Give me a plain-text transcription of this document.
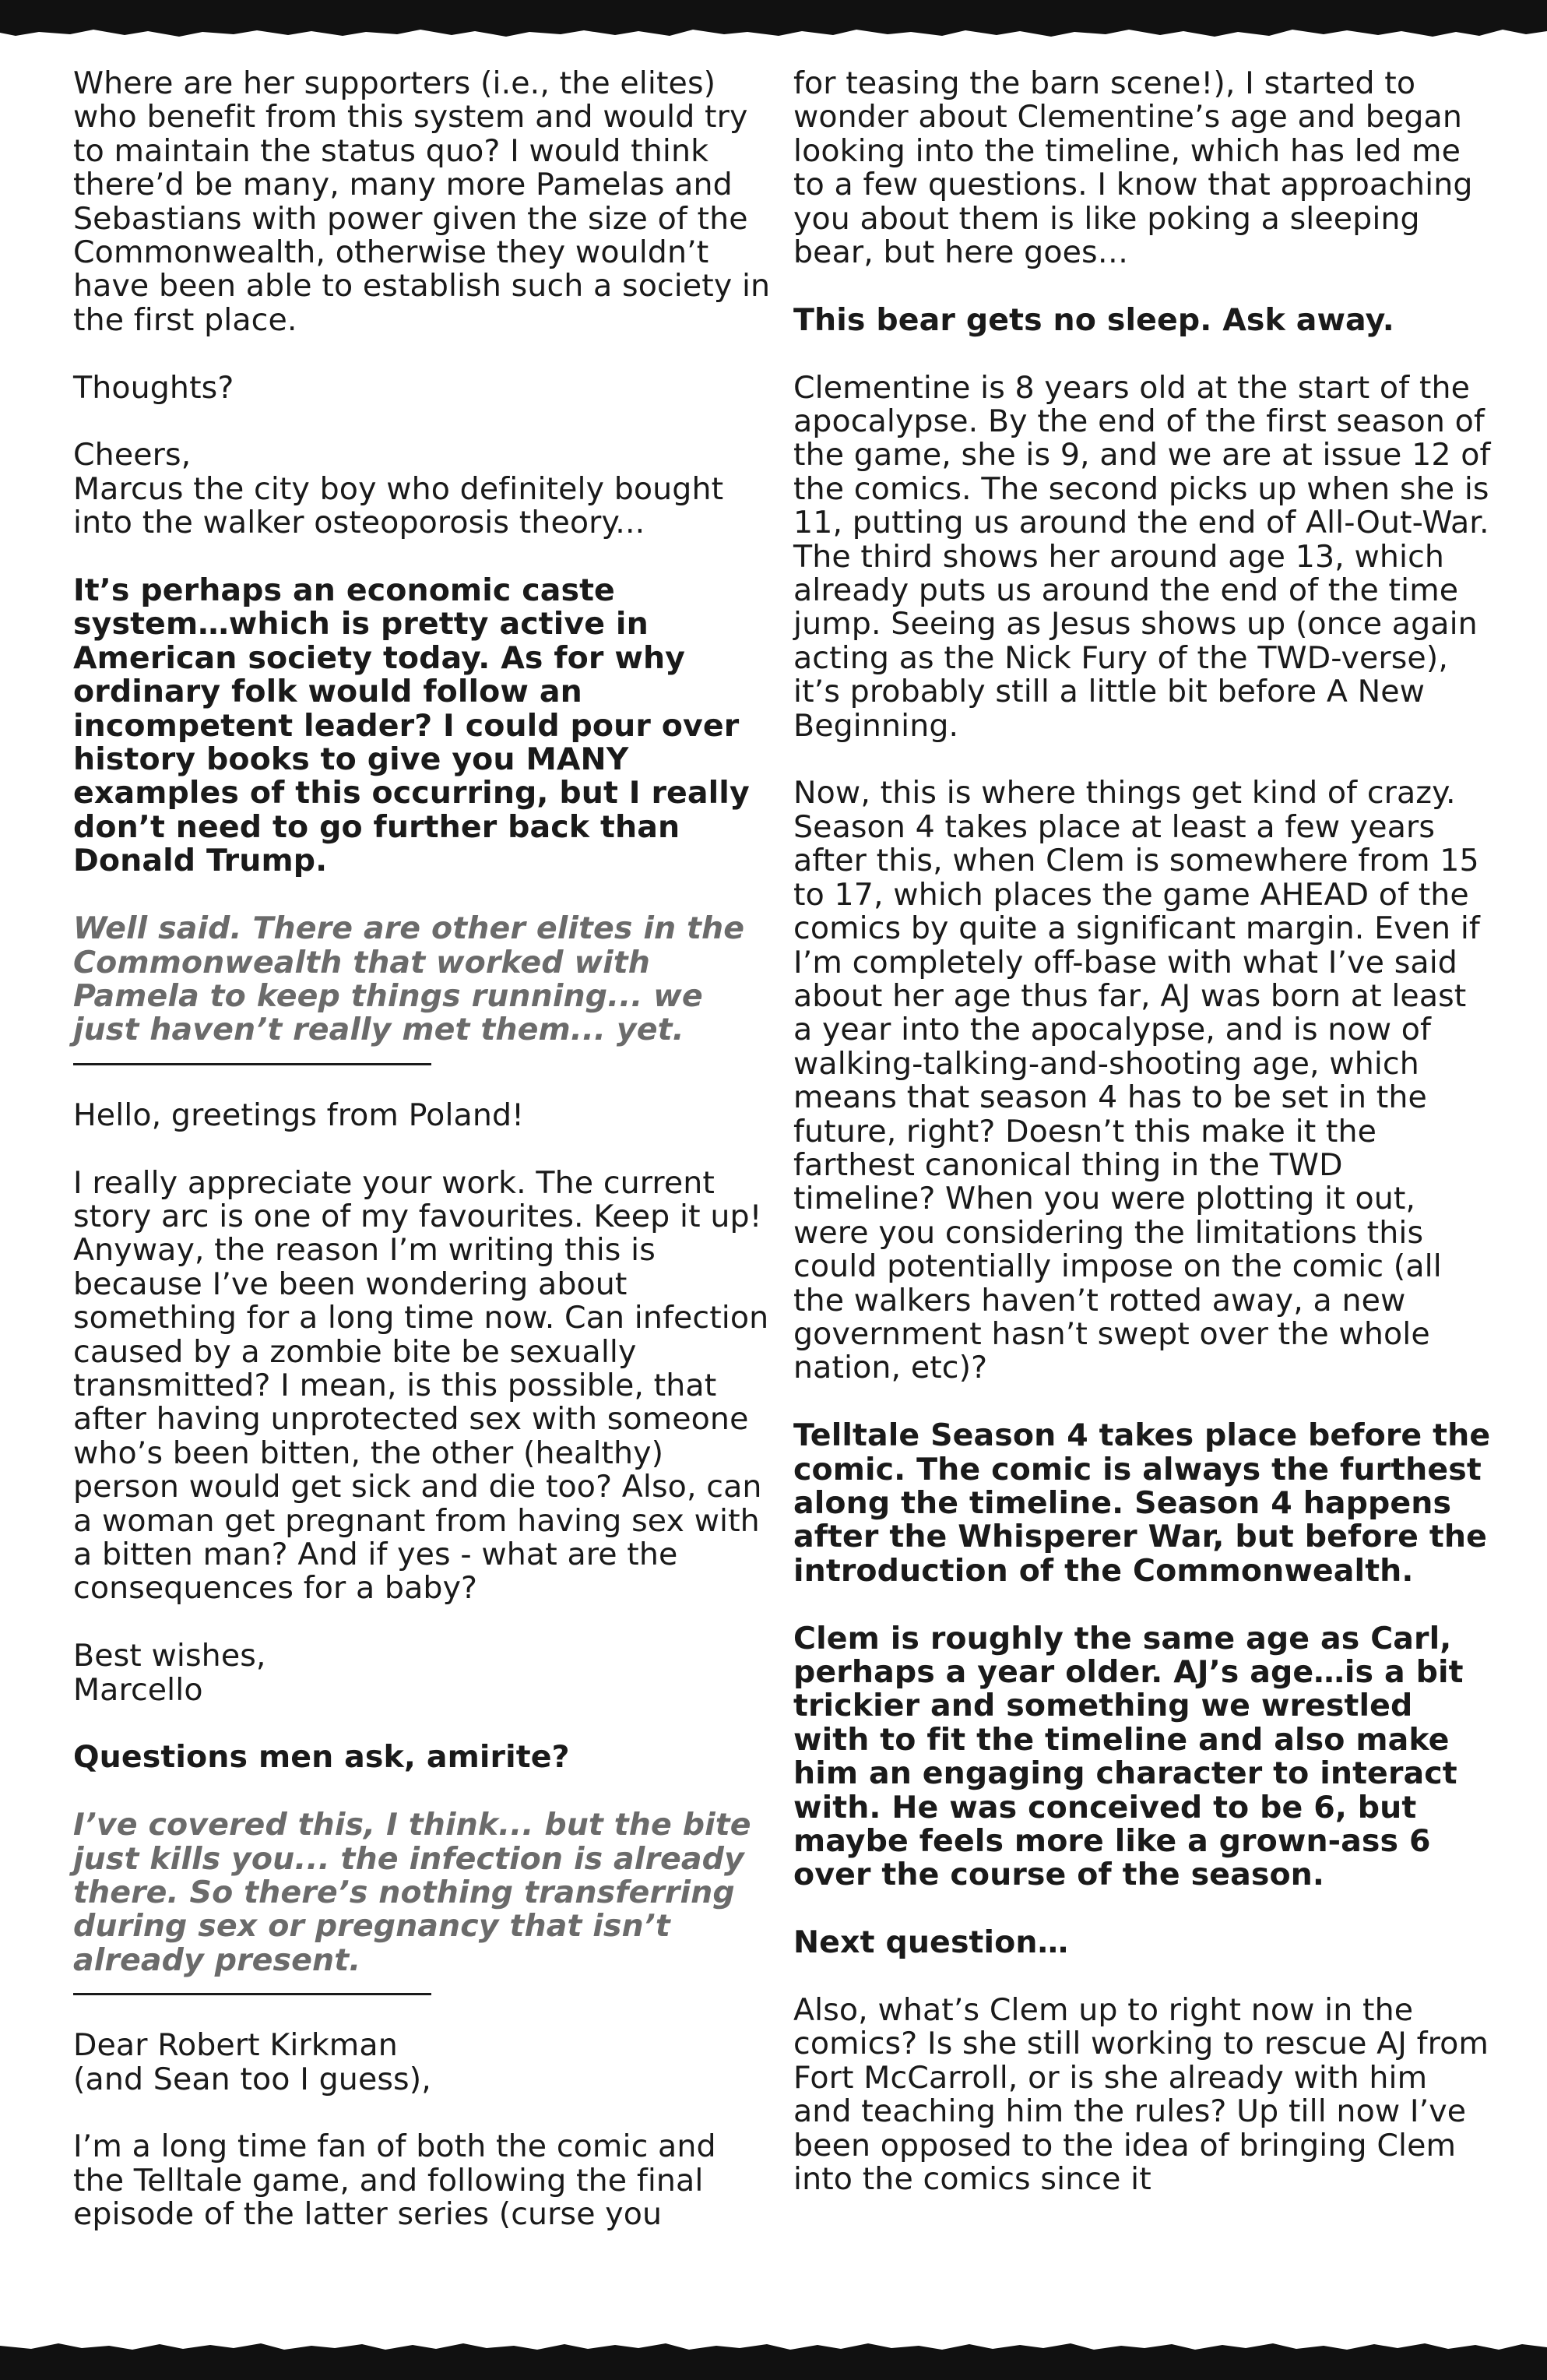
Where are her supporters (i.e., the elites) who benefit from this system and would try to maintain the status quo? I would think there’d be many, many more Pamelas and Sebastians with power given the size of the Commonwealth, otherwise they wouldn’t have been able to establish such a society in the first place.

Thoughts?

Cheers,

Marcus the city boy who definitely bought into the walker osteoporosis theory...

It’s perhaps an economic caste system…which is pretty active in American society today. As for why ordinary folk would follow an incompetent leader? I could pour over history books to give you MANY examples of this occurring, but I really don’t need to go further back than Donald Trump.

Well said. There are other elites in the Commonwealth that worked with Pamela to keep things running... we just haven’t really met them... yet.

Hello, greetings from Poland!

I really appreciate your work. The current story arc is one of my favourites. Keep it up! Anyway, the reason I’m writing this is because I’ve been wondering about something for a long time now. Can infection caused by a zombie bite be sexually transmitted? I mean, is this possible, that after having unprotected sex with someone who’s been bitten, the other (healthy) person would get sick and die too? Also, can a woman get pregnant from having sex with a bitten man? And if yes - what are the consequences for a baby?

Best wishes,

Marcello

Questions men ask, amirite?

I’ve covered this, I think... but the bite just kills you... the infection is already there. So there’s nothing transferring during sex or pregnancy that isn’t already present.

Dear Robert Kirkman

(and Sean too I guess),

I’m a long time fan of both the comic and the Telltale game, and following the final episode of the latter series (curse you

for teasing the barn scene!), I started to wonder about Clementine’s age and began looking into the timeline, which has led me to a few questions. I know that approaching you about them is like poking a sleeping bear, but here goes…

This bear gets no sleep. Ask away.

Clementine is 8 years old at the start of the apocalypse. By the end of the first season of the game, she is 9, and we are at issue 12 of the comics. The second picks up when she is 11, putting us around the end of All-Out-War. The third shows her around age 13, which already puts us around the end of the time jump. Seeing as Jesus shows up (once again acting as the Nick Fury of the TWD-verse), it’s probably still a little bit before A New Beginning.

Now, this is where things get kind of crazy. Season 4 takes place at least a few years after this, when Clem is somewhere from 15 to 17, which places the game AHEAD of the comics by quite a significant margin. Even if I’m completely off-base with what I’ve said about her age thus far, AJ was born at least a year into the apocalypse, and is now of walking-talking-and-shooting age, which means that season 4 has to be set in the future, right? Doesn’t this make it the farthest canonical thing in the TWD timeline? When you were plotting it out, were you considering the limitations this could potentially impose on the comic (all the walkers haven’t rotted away, a new government hasn’t swept over the whole nation, etc)?

Telltale Season 4 takes place before the comic. The comic is always the furthest along the timeline. Season 4 happens after the Whisperer War, but before the introduction of the Commonwealth.

Clem is roughly the same age as Carl, perhaps a year older. AJ’s age…is a bit trickier and something we wrestled with to fit the timeline and also make him an engaging character to interact with. He was conceived to be 6, but maybe feels more like a grown-ass 6 over the course of the season.

Next question…

Also, what’s Clem up to right now in the comics? Is she still working to rescue AJ from Fort McCarroll, or is she already with him and teaching him the rules? Up till now I’ve been opposed to the idea of bringing Clem into the comics since it
